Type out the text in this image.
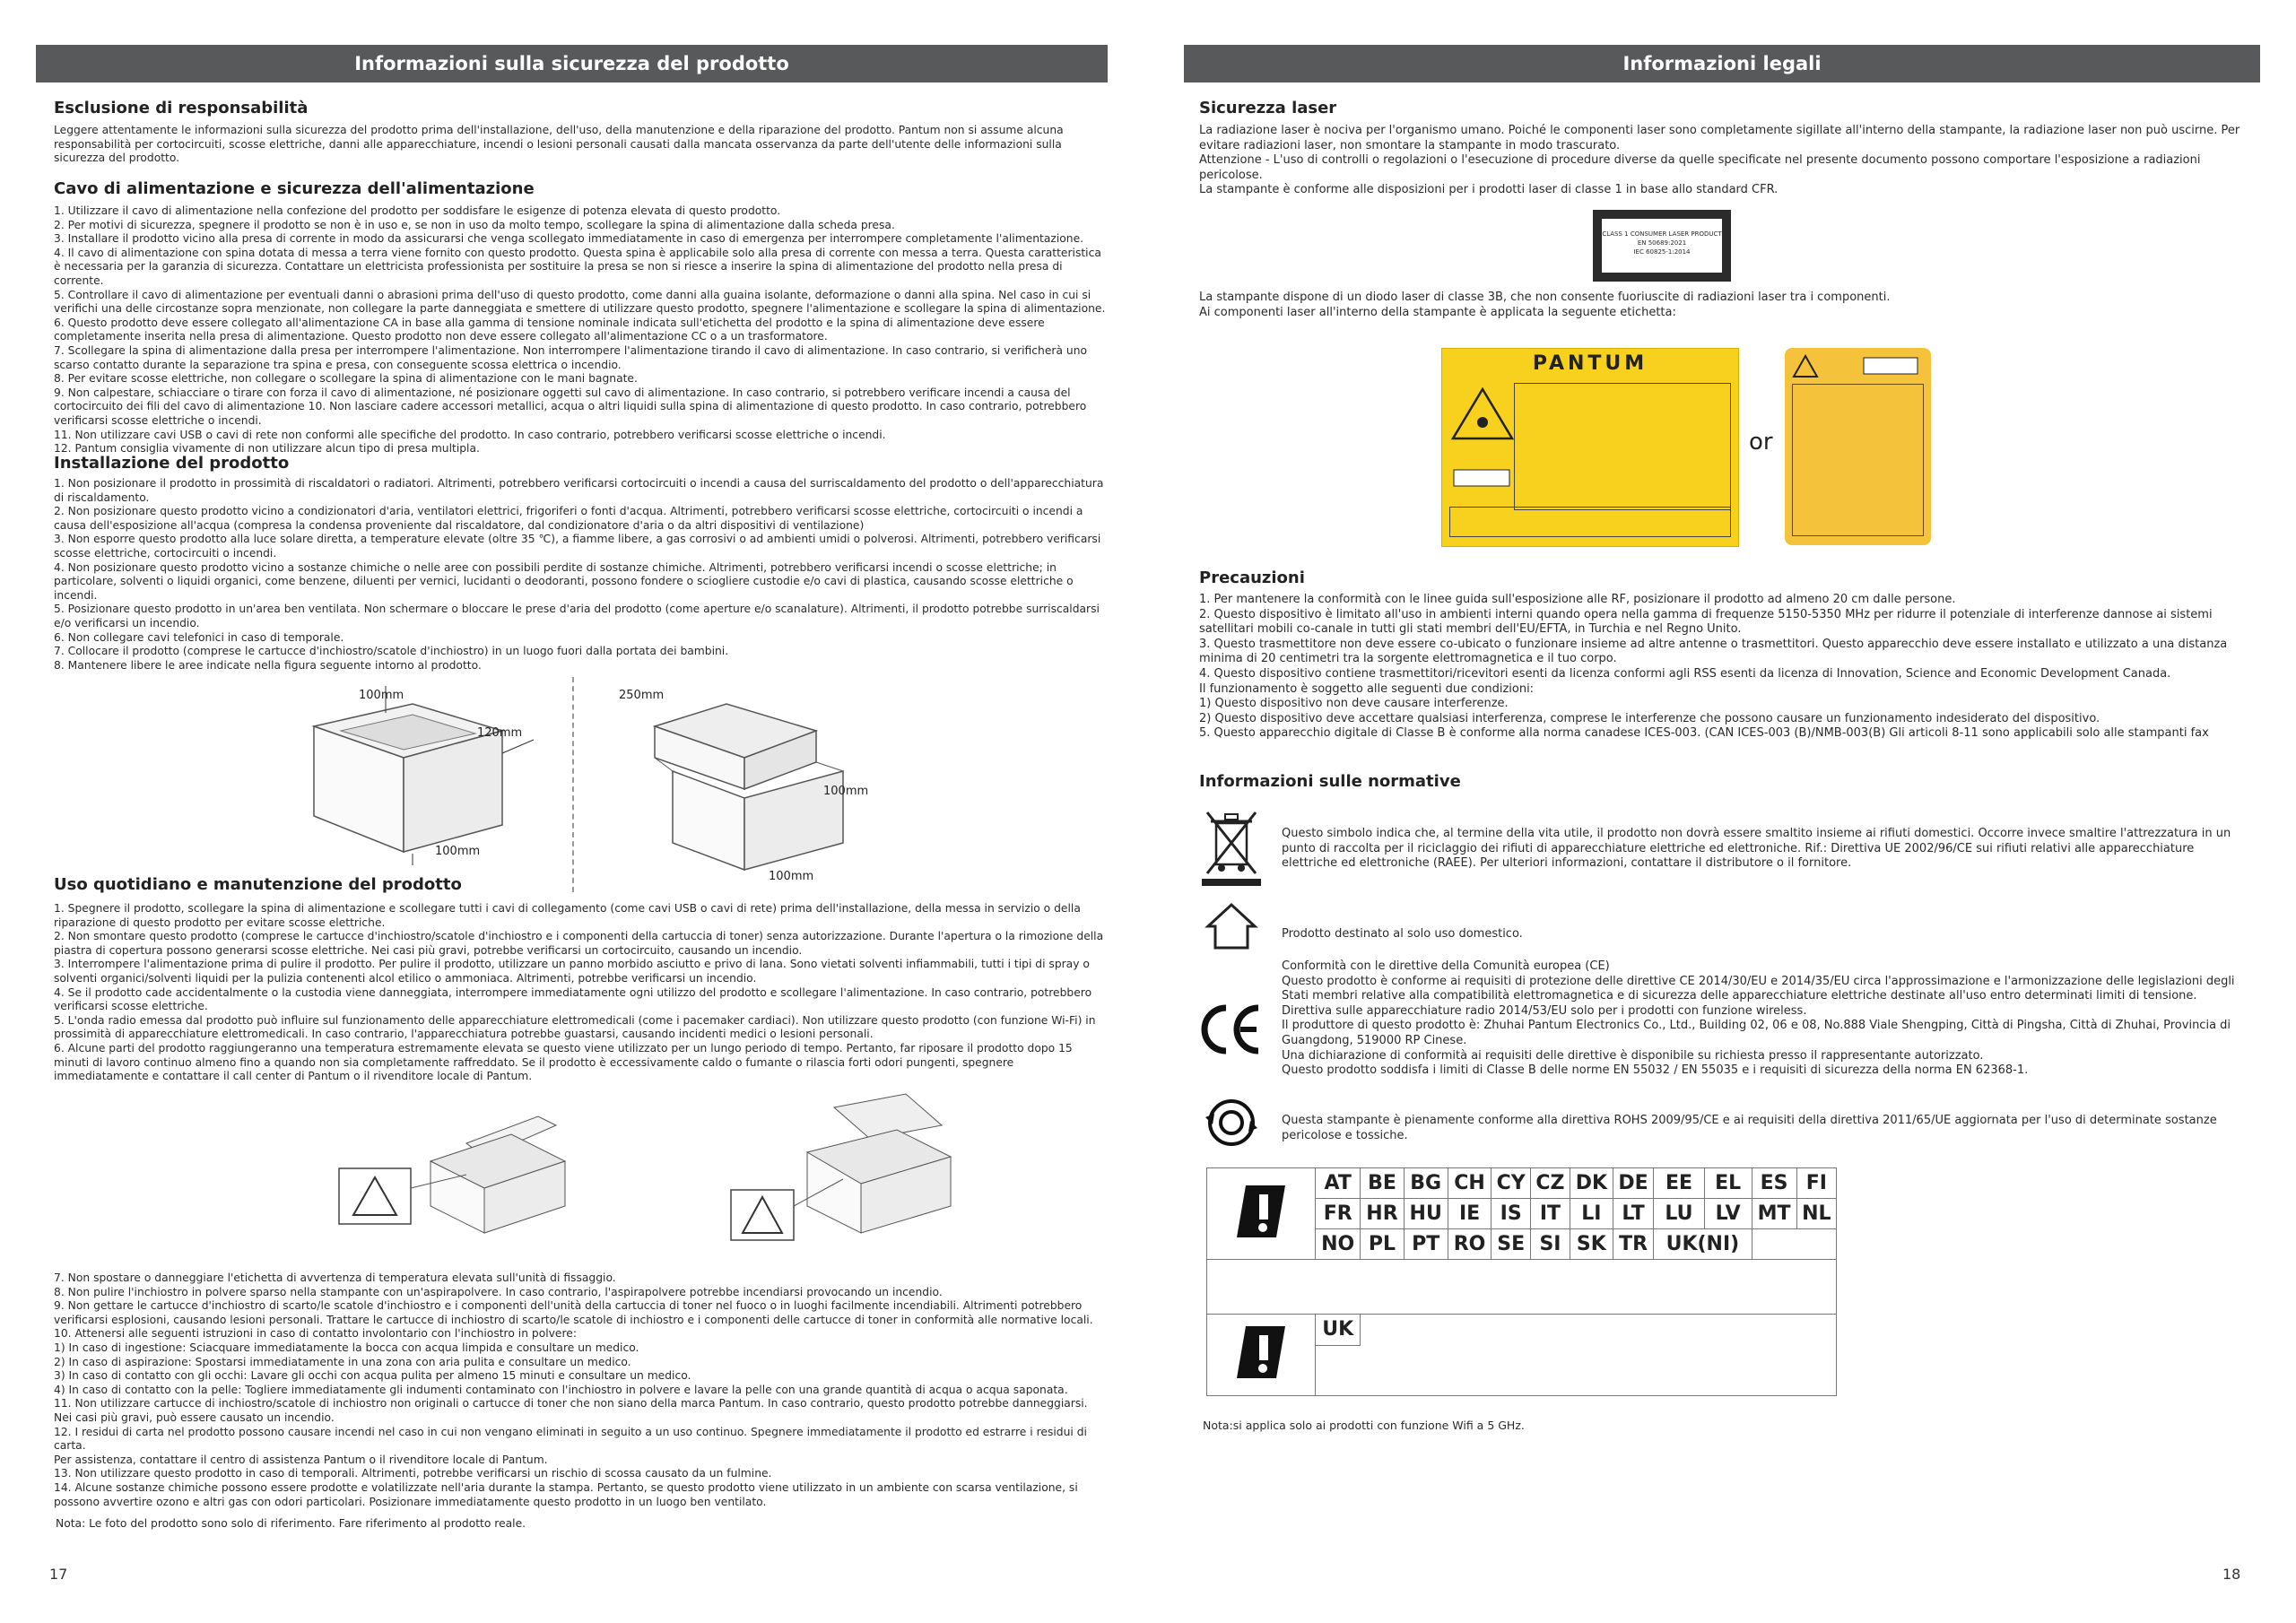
Informazioni sulla sicurezza del prodotto
Esclusione di responsabilità
Leggere attentamente le informazioni sulla sicurezza del prodotto prima dell'installazione, dell'uso, della manutenzione e della riparazione del prodotto. Pantum non si assume alcuna responsabilità per cortocircuiti, scosse elettriche, danni alle apparecchiature, incendi o lesioni personali causati dalla mancata osservanza da parte dell'utente delle informazioni sulla sicurezza del prodotto.
Cavo di alimentazione e sicurezza dell'alimentazione
1. Utilizzare il cavo di alimentazione nella confezione del prodotto per soddisfare le esigenze di potenza elevata di questo prodotto.
2. Per motivi di sicurezza, spegnere il prodotto se non è in uso e, se non in uso da molto tempo, scollegare la spina di alimentazione dalla scheda presa.
3. Installare il prodotto vicino alla presa di corrente in modo da assicurarsi che venga scollegato immediatamente in caso di emergenza per interrompere completamente l'alimentazione.
4. Il cavo di alimentazione con spina dotata di messa a terra viene fornito con questo prodotto. Questa spina è applicabile solo alla presa di corrente con messa a terra. Questa caratteristica è necessaria per la garanzia di sicurezza. Contattare un elettricista professionista per sostituire la presa se non si riesce a inserire la spina di alimentazione del prodotto nella presa di corrente.
5. Controllare il cavo di alimentazione per eventuali danni o abrasioni prima dell'uso di questo prodotto, come danni alla guaina isolante, deformazione o danni alla spina. Nel caso in cui si verifichi una delle circostanze sopra menzionate, non collegare la parte danneggiata e smettere di utilizzare questo prodotto, spegnere l'alimentazione e scollegare la spina di alimentazione.
6. Questo prodotto deve essere collegato all'alimentazione CA in base alla gamma di tensione nominale indicata sull'etichetta del prodotto e la spina di alimentazione deve essere completamente inserita nella presa di alimentazione. Questo prodotto non deve essere collegato all'alimentazione CC o a un trasformatore.
7. Scollegare la spina di alimentazione dalla presa per interrompere l'alimentazione. Non interrompere l'alimentazione tirando il cavo di alimentazione. In caso contrario, si verificherà uno scarso contatto durante la separazione tra spina e presa, con conseguente scossa elettrica o incendio.
8. Per evitare scosse elettriche, non collegare o scollegare la spina di alimentazione con le mani bagnate.
9. Non calpestare, schiacciare o tirare con forza il cavo di alimentazione, né posizionare oggetti sul cavo di alimentazione. In caso contrario, si potrebbero verificare incendi a causa del cortocircuito dei fili del cavo di alimentazione 10. Non lasciare cadere accessori metallici, acqua o altri liquidi sulla spina di alimentazione di questo prodotto. In caso contrario, potrebbero verificarsi scosse elettriche o incendi.
11. Non utilizzare cavi USB o cavi di rete non conformi alle specifiche del prodotto. In caso contrario, potrebbero verificarsi scosse elettriche o incendi.
12. Pantum consiglia vivamente di non utilizzare alcun tipo di presa multipla.
Installazione del prodotto
1. Non posizionare il prodotto in prossimità di riscaldatori o radiatori. Altrimenti, potrebbero verificarsi cortocircuiti o incendi a causa del surriscaldamento del prodotto o dell'apparecchiatura di riscaldamento.
2. Non posizionare questo prodotto vicino a condizionatori d'aria, ventilatori elettrici, frigoriferi o fonti d'acqua. Altrimenti, potrebbero verificarsi scosse elettriche, cortocircuiti o incendi a causa dell'esposizione all'acqua (compresa la condensa proveniente dal riscaldatore, dal condizionatore d'aria o da altri dispositivi di ventilazione)
3. Non esporre questo prodotto alla luce solare diretta, a temperature elevate (oltre 35 ℃), a fiamme libere, a gas corrosivi o ad ambienti umidi o polverosi. Altrimenti, potrebbero verificarsi scosse elettriche, cortocircuiti o incendi.
4. Non posizionare questo prodotto vicino a sostanze chimiche o nelle aree con possibili perdite di sostanze chimiche. Altrimenti, potrebbero verificarsi incendi o scosse elettriche; in particolare, solventi o liquidi organici, come benzene, diluenti per vernici, lucidanti o deodoranti, possono fondere o sciogliere custodie e/o cavi di plastica, causando scosse elettriche o incendi.
5. Posizionare questo prodotto in un'area ben ventilata. Non schermare o bloccare le prese d'aria del prodotto (come aperture e/o scanalature). Altrimenti, il prodotto potrebbe surriscaldarsi e/o verificarsi un incendio.
6. Non collegare cavi telefonici in caso di temporale.
7. Collocare il prodotto (comprese le cartucce d'inchiostro/scatole d'inchiostro) in un luogo fuori dalla portata dei bambini.
8. Mantenere libere le aree indicate nella figura seguente intorno al prodotto.
100mm
120mm
100mm
250mm
100mm
100mm
Uso quotidiano e manutenzione del prodotto
1. Spegnere il prodotto, scollegare la spina di alimentazione e scollegare tutti i cavi di collegamento (come cavi USB o cavi di rete) prima dell'installazione, della messa in servizio o della riparazione di questo prodotto per evitare scosse elettriche.
2. Non smontare questo prodotto (comprese le cartucce d'inchiostro/scatole d'inchiostro e i componenti della cartuccia di toner) senza autorizzazione. Durante l'apertura o la rimozione della piastra di copertura possono generarsi scosse elettriche. Nei casi più gravi, potrebbe verificarsi un cortocircuito, causando un incendio.
3. Interrompere l'alimentazione prima di pulire il prodotto. Per pulire il prodotto, utilizzare un panno morbido asciutto e privo di lana. Sono vietati solventi infiammabili, tutti i tipi di spray o solventi organici/solventi liquidi per la pulizia contenenti alcol etilico o ammoniaca. Altrimenti, potrebbe verificarsi un incendio.
4. Se il prodotto cade accidentalmente o la custodia viene danneggiata, interrompere immediatamente ogni utilizzo del prodotto e scollegare l'alimentazione. In caso contrario, potrebbero verificarsi scosse elettriche.
5. L'onda radio emessa dal prodotto può influire sul funzionamento delle apparecchiature elettromedicali (come i pacemaker cardiaci). Non utilizzare questo prodotto (con funzione Wi-Fi) in prossimità di apparecchiature elettromedicali. In caso contrario, l'apparecchiatura potrebbe guastarsi, causando incidenti medici o lesioni personali.
6. Alcune parti del prodotto raggiungeranno una temperatura estremamente elevata se questo viene utilizzato per un lungo periodo di tempo. Pertanto, far riposare il prodotto dopo 15 minuti di lavoro continuo almeno fino a quando non sia completamente raffreddato. Se il prodotto è eccessivamente caldo o fumante o rilascia forti odori pungenti, spegnere immediatamente e contattare il call center di Pantum o il rivenditore locale di Pantum.
7. Non spostare o danneggiare l'etichetta di avvertenza di temperatura elevata sull'unità di fissaggio.
8. Non pulire l'inchiostro in polvere sparso nella stampante con un'aspirapolvere. In caso contrario, l'aspirapolvere potrebbe incendiarsi provocando un incendio.
9. Non gettare le cartucce d'inchiostro di scarto/le scatole d'inchiostro e i componenti dell'unità della cartuccia di toner nel fuoco o in luoghi facilmente incendiabili. Altrimenti potrebbero verificarsi esplosioni, causando lesioni personali. Trattare le cartucce di inchiostro di scarto/le scatole di inchiostro e i componenti delle cartucce di toner in conformità alle normative locali.
10. Attenersi alle seguenti istruzioni in caso di contatto involontario con l'inchiostro in polvere:
1) In caso di ingestione: Sciacquare immediatamente la bocca con acqua limpida e consultare un medico.
2) In caso di aspirazione: Spostarsi immediatamente in una zona con aria pulita e consultare un medico.
3) In caso di contatto con gli occhi: Lavare gli occhi con acqua pulita per almeno 15 minuti e consultare un medico.
4) In caso di contatto con la pelle: Togliere immediatamente gli indumenti contaminato con l'inchiostro in polvere e lavare la pelle con una grande quantità di acqua o acqua saponata.
11. Non utilizzare cartucce di inchiostro/scatole di inchiostro non originali o cartucce di toner che non siano della marca Pantum. In caso contrario, questo prodotto potrebbe danneggiarsi. Nei casi più gravi, può essere causato un incendio.
12. I residui di carta nel prodotto possono causare incendi nel caso in cui non vengano eliminati in seguito a un uso continuo. Spegnere immediatamente il prodotto ed estrarre i residui di carta.
Per assistenza, contattare il centro di assistenza Pantum o il rivenditore locale di Pantum.
13. Non utilizzare questo prodotto in caso di temporali. Altrimenti, potrebbe verificarsi un rischio di scossa causato da un fulmine.
14. Alcune sostanze chimiche possono essere prodotte e volatilizzate nell'aria durante la stampa. Pertanto, se questo prodotto viene utilizzato in un ambiente con scarsa ventilazione, si possono avvertire ozono e altri gas con odori particolari. Posizionare immediatamente questo prodotto in un luogo ben ventilato.
Nota: Le foto del prodotto sono solo di riferimento. Fare riferimento al prodotto reale.
17
Informazioni legali
Sicurezza laser
La radiazione laser è nociva per l'organismo umano. Poiché le componenti laser sono completamente sigillate all'interno della stampante, la radiazione laser non può uscirne. Per evitare radiazioni laser, non smontare la stampante in modo trascurato.
Attenzione - L'uso di controlli o regolazioni o l'esecuzione di procedure diverse da quelle specificate nel presente documento possono comportare l'esposizione a radiazioni pericolose.
La stampante è conforme alle disposizioni per i prodotti laser di classe 1 in base allo standard CFR.
CLASS 1 CONSUMER LASER PRODUCT
EN 50689:2021
IEC 60825-1:2014
La stampante dispone di un diodo laser di classe 3B, che non consente fuoriuscite di radiazioni laser tra i componenti.
Ai componenti laser all'interno della stampante è applicata la seguente etichetta:
PANTUM
or
Precauzioni
1. Per mantenere la conformità con le linee guida sull'esposizione alle RF, posizionare il prodotto ad almeno 20 cm dalle persone.
2. Questo dispositivo è limitato all'uso in ambienti interni quando opera nella gamma di frequenze 5150-5350 MHz per ridurre il potenziale di interferenze dannose ai sistemi satellitari mobili co-canale in tutti gli stati membri dell'EU/EFTA, in Turchia e nel Regno Unito.
3. Questo trasmettitore non deve essere co-ubicato o funzionare insieme ad altre antenne o trasmettitori. Questo apparecchio deve essere installato e utilizzato a una distanza minima di 20 centimetri tra la sorgente elettromagnetica e il tuo corpo.
4. Questo dispositivo contiene trasmettitori/ricevitori esenti da licenza conformi agli RSS esenti da licenza di Innovation, Science and Economic Development Canada.
Il funzionamento è soggetto alle seguenti due condizioni:
1) Questo dispositivo non deve causare interferenze.
2) Questo dispositivo deve accettare qualsiasi interferenza, comprese le interferenze che possono causare un funzionamento indesiderato del dispositivo.
5. Questo apparecchio digitale di Classe B è conforme alla norma canadese ICES-003. (CAN ICES-003 (B)/NMB-003(B) Gli articoli 8-11 sono applicabili solo alle stampanti fax
Informazioni sulle normative
Questo simbolo indica che, al termine della vita utile, il prodotto non dovrà essere smaltito insieme ai rifiuti domestici. Occorre invece smaltire l'attrezzatura in un punto di raccolta per il riciclaggio dei rifiuti di apparecchiature elettriche ed elettroniche. Rif.: Direttiva UE 2002/96/CE sui rifiuti relativi alle apparecchiature elettriche ed elettroniche (RAEE). Per ulteriori informazioni, contattare il distributore o il fornitore.
Prodotto destinato al solo uso domestico.
Conformità con le direttive della Comunità europea (CE)
Questo prodotto è conforme ai requisiti di protezione delle direttive CE 2014/30/EU e 2014/35/EU circa l'approssimazione e l'armonizzazione delle legislazioni degli Stati membri relative alla compatibilità elettromagnetica e di sicurezza delle apparecchiature elettriche destinate all'uso entro determinati limiti di tensione.
Direttiva sulle apparecchiature radio 2014/53/EU solo per i prodotti con funzione wireless.
Il produttore di questo prodotto è: Zhuhai Pantum Electronics Co., Ltd., Building 02, 06 e 08, No.888 Viale Shengping, Città di Pingsha, Città di Zhuhai, Provincia di Guangdong, 519000 RP Cinese.
Una dichiarazione di conformità ai requisiti delle direttive è disponibile su richiesta presso il rappresentante autorizzato.
Questo prodotto soddisfa i limiti di Classe B delle norme EN 55032 / EN 55035 e i requisiti di sicurezza della norma EN 62368-1.
Questa stampante è pienamente conforme alla direttiva ROHS 2009/95/CE e ai requisiti della direttiva 2011/65/UE aggiornata per l'uso di determinate sostanze pericolose e tossiche.
	AT	BE	BG	CH	CY	CZ	DK	DE	EE	EL	ES	FI
	FR	HR	HU	IE	IS	IT	LI	LT	LU	LV	MT	NL
	NO	PL	PT	RO	SE	SI	SK	TR	UK(NI)			

	UK											

Nota:si applica solo ai prodotti con funzione Wifi a 5 GHz.
18
